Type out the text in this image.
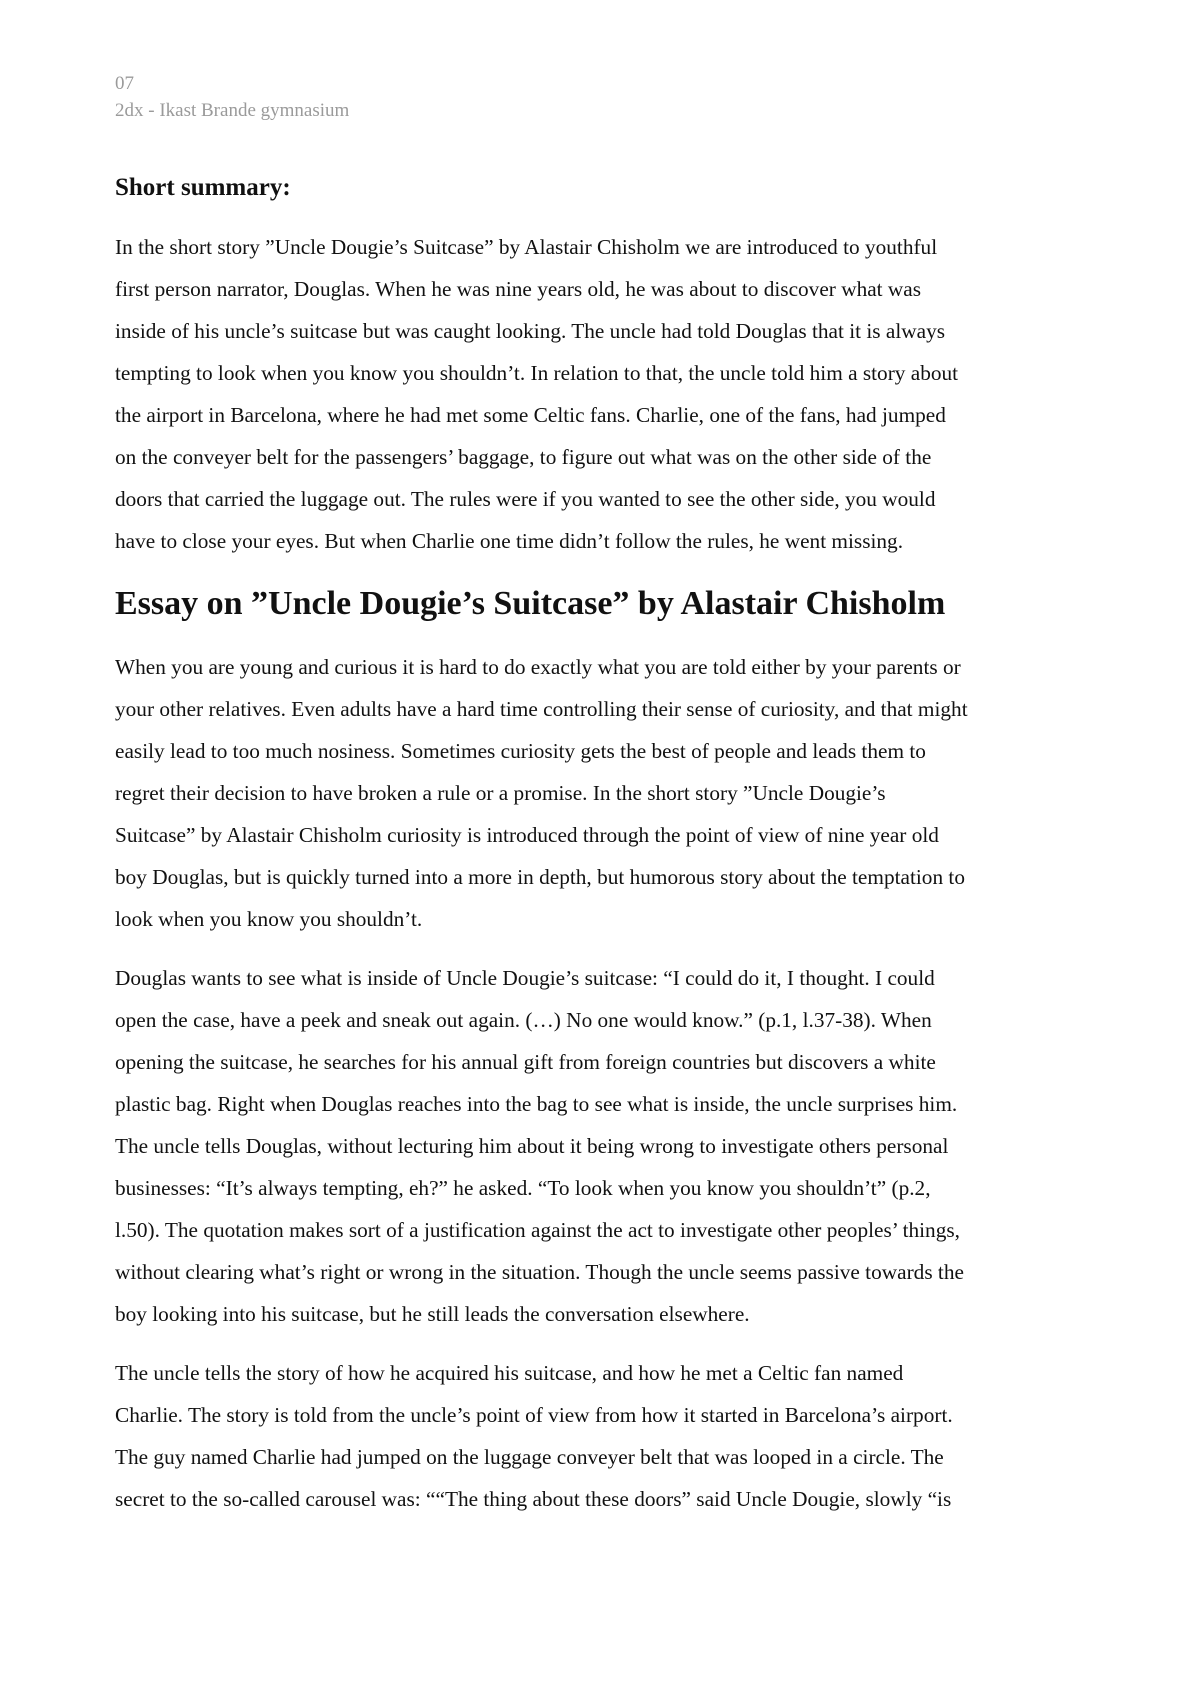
07
2dx - Ikast Brande gymnasium
Short summary:
In the short story ”Uncle Dougie’s Suitcase” by Alastair Chisholm we are introduced to youthful
first person narrator, Douglas. When he was nine years old, he was about to discover what was
inside of his uncle’s suitcase but was caught looking. The uncle had told Douglas that it is always
tempting to look when you know you shouldn’t. In relation to that, the uncle told him a story about
the airport in Barcelona, where he had met some Celtic fans. Charlie, one of the fans, had jumped
on the conveyer belt for the passengers’ baggage, to figure out what was on the other side of the
doors that carried the luggage out. The rules were if you wanted to see the other side, you would
have to close your eyes. But when Charlie one time didn’t follow the rules, he went missing.
Essay on ”Uncle Dougie’s Suitcase” by Alastair Chisholm
When you are young and curious it is hard to do exactly what you are told either by your parents or
your other relatives. Even adults have a hard time controlling their sense of curiosity, and that might
easily lead to too much nosiness. Sometimes curiosity gets the best of people and leads them to
regret their decision to have broken a rule or a promise. In the short story ”Uncle Dougie’s
Suitcase” by Alastair Chisholm curiosity is introduced through the point of view of nine year old
boy Douglas, but is quickly turned into a more in depth, but humorous story about the temptation to
look when you know you shouldn’t.
Douglas wants to see what is inside of Uncle Dougie’s suitcase: “I could do it, I thought. I could
open the case, have a peek and sneak out again. (…) No one would know.” (p.1, l.37-38). When
opening the suitcase, he searches for his annual gift from foreign countries but discovers a white
plastic bag. Right when Douglas reaches into the bag to see what is inside, the uncle surprises him.
The uncle tells Douglas, without lecturing him about it being wrong to investigate others personal
businesses: “It’s always tempting, eh?” he asked. “To look when you know you shouldn’t” (p.2,
l.50). The quotation makes sort of a justification against the act to investigate other peoples’ things,
without clearing what’s right or wrong in the situation. Though the uncle seems passive towards the
boy looking into his suitcase, but he still leads the conversation elsewhere.
The uncle tells the story of how he acquired his suitcase, and how he met a Celtic fan named
Charlie. The story is told from the uncle’s point of view from how it started in Barcelona’s airport.
The guy named Charlie had jumped on the luggage conveyer belt that was looped in a circle. The
secret to the so-called carousel was: ““The thing about these doors” said Uncle Dougie, slowly “is
